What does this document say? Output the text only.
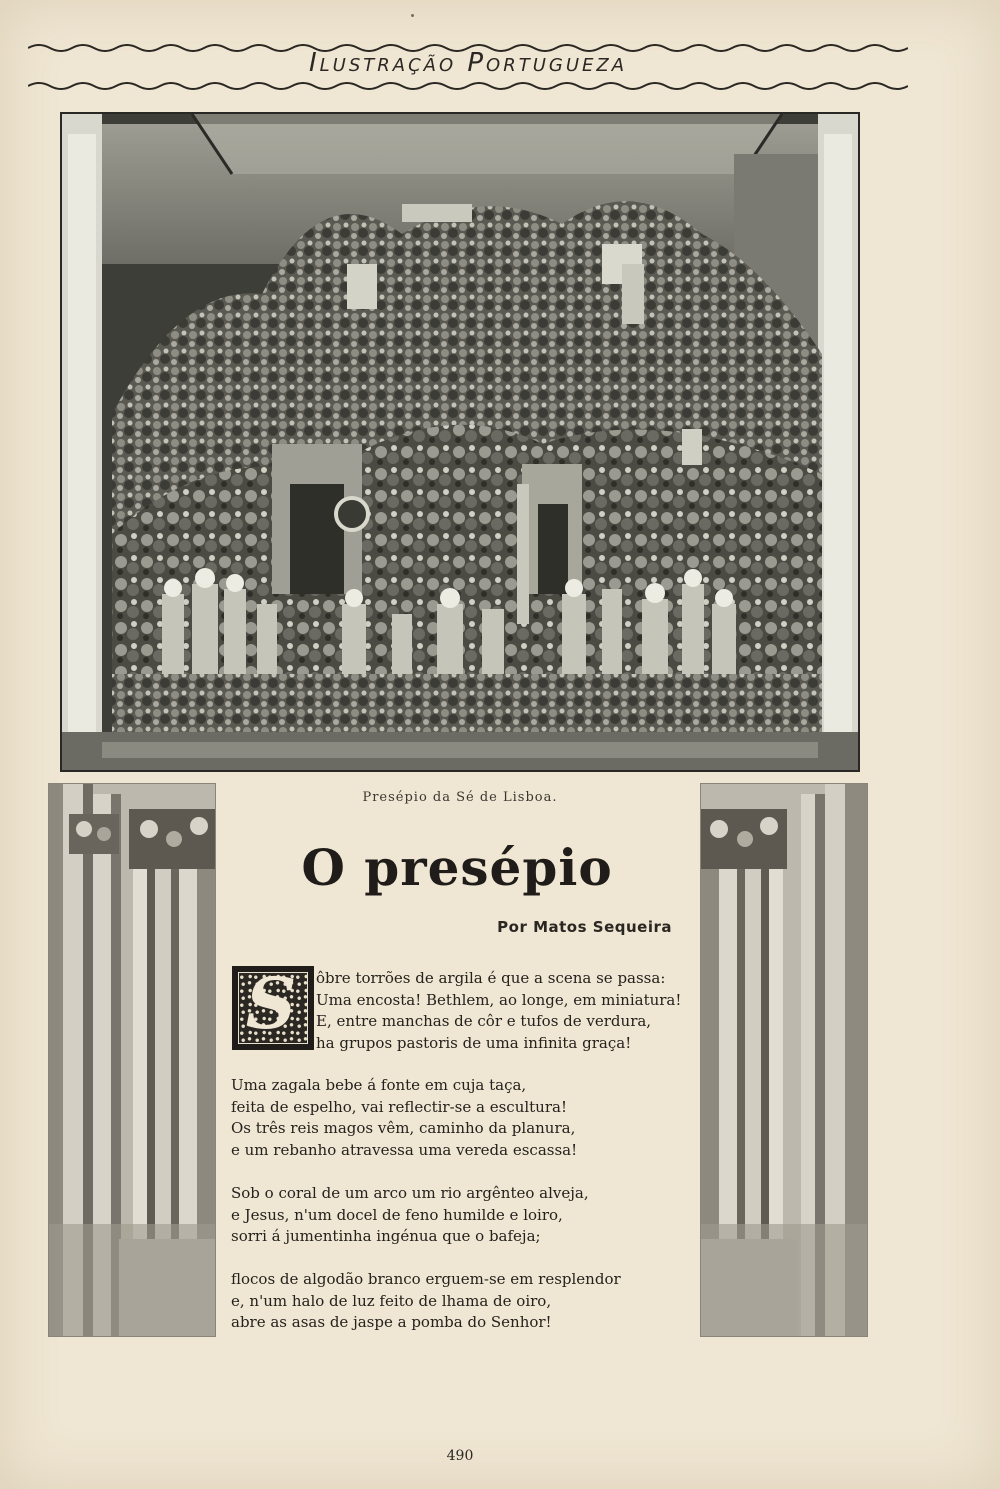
Ilustração Portugueza
Presépio da Sé de Lisboa.
O presépio
Por Matos Sequeira
S	ôbre torrões de argila é que a scena se passa:
Uma encosta! Bethlem, ao longe, em miniatura!
E, entre manchas de côr e tufos de verdura,
ha grupos pastoris de uma infinita graça!
Uma zagala bebe á fonte em cuja taça,
feita de espelho, vai reflectir-se a escultura!
Os três reis magos vêm, caminho da planura,
e um rebanho atravessa uma vereda escassa!
Sob o coral de um arco um rio argênteo alveja,
e Jesus, n'um docel de feno humilde e loiro,
sorri á jumentinha ingénua que o bafeja;
flocos de algodão branco erguem-se em resplendor
e, n'um halo de luz feito de lhama de oiro,
abre as asas de jaspe a pomba do Senhor!
490
